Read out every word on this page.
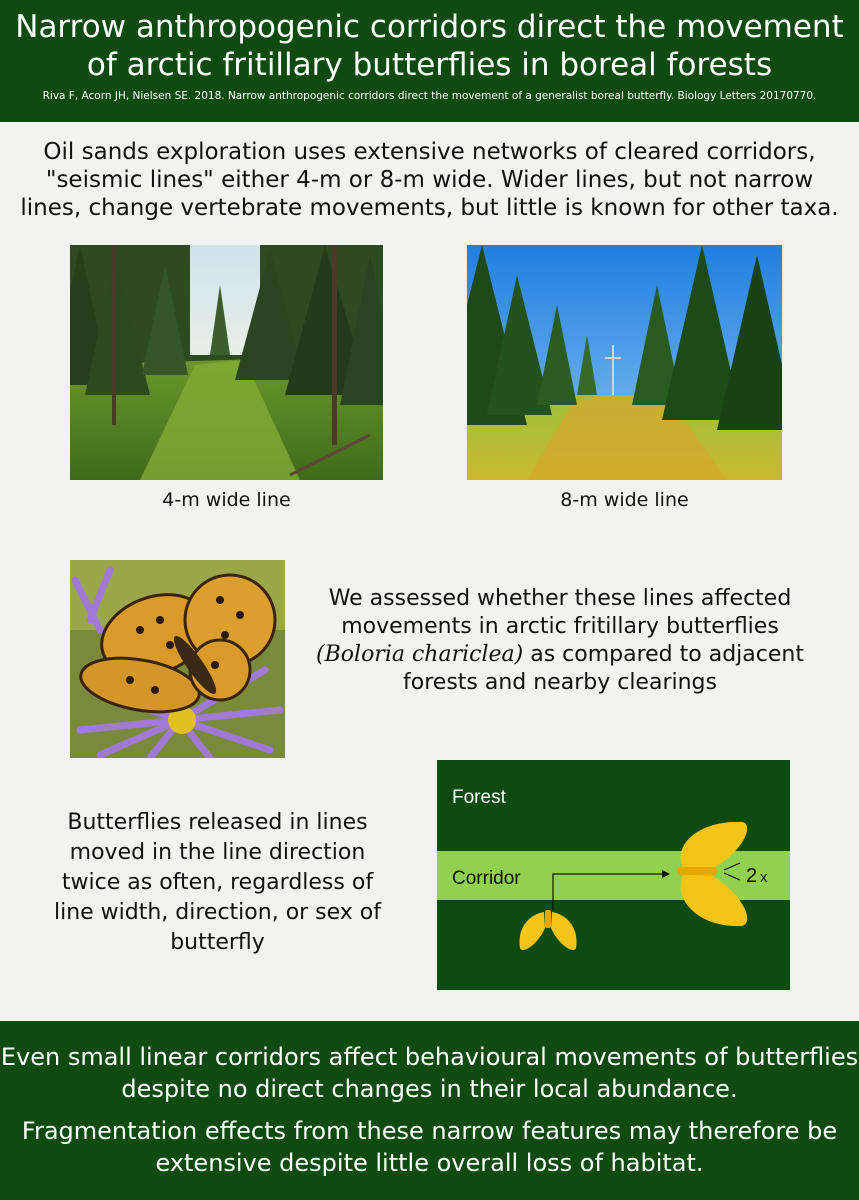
Narrow anthropogenic corridors direct the movement of arctic fritillary butterflies in boreal forests
Riva F, Acorn JH, Nielsen SE. 2018. Narrow anthropogenic corridors direct the movement of a generalist boreal butterfly. Biology Letters 20170770.
Oil sands exploration uses extensive networks of cleared corridors, "seismic lines" either 4-m or 8-m wide. Wider lines, but not narrow lines, change vertebrate movements, but little is known for other taxa.
4-m wide line	8-m wide line
We assessed whether these lines affected movements in arctic fritillary butterflies (Boloria chariclea) as compared to adjacent forests and nearby clearings
Butterflies released in lines moved in the line direction twice as often, regardless of line width, direction, or sex of butterfly
Forest
Corridor	2 x

Even small linear corridors affect behavioural movements of butterflies despite no direct changes in their local abundance.

Fragmentation effects from these narrow features may therefore be extensive despite little overall loss of habitat.
